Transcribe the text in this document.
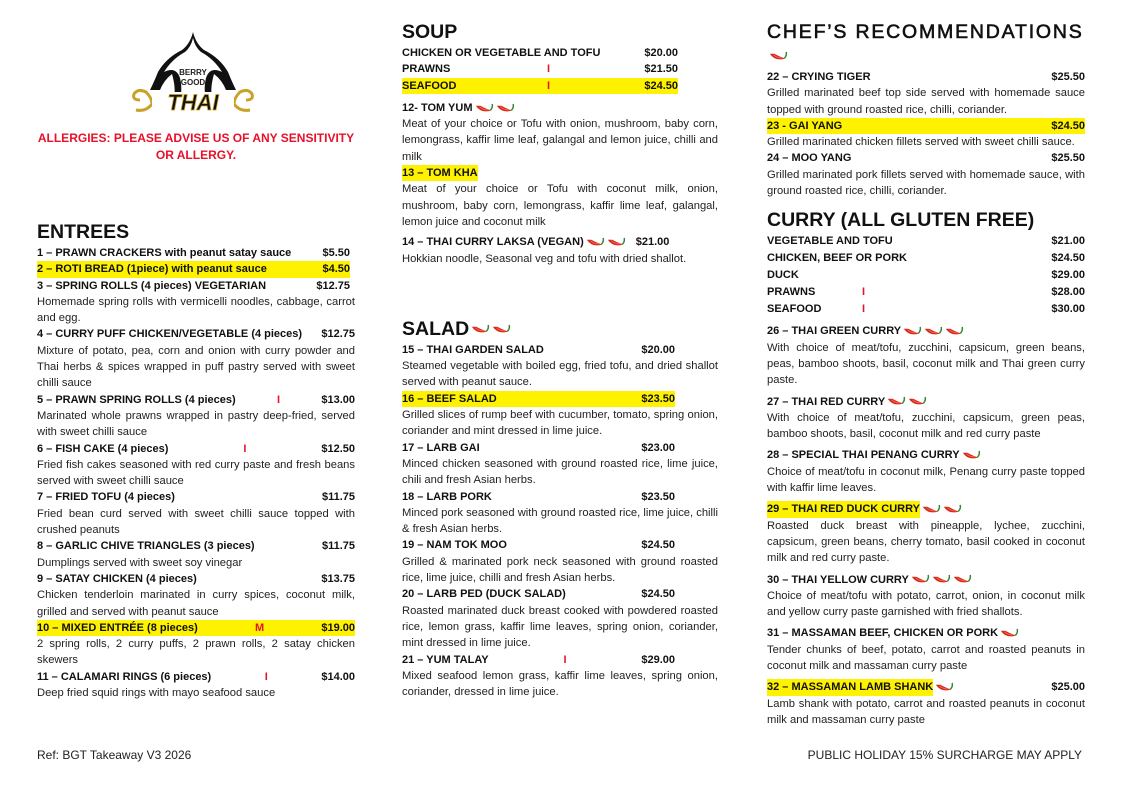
BERRY
GOOD
THAI
ALLERGIES: PLEASE ADVISE US OF ANY SENSITIVITY OR ALLERGY.
ENTREES
1 – PRAWN CRACKERS with peanut satay sauce	$5.50
2 – ROTI BREAD (1piece) with peanut sauce	$4.50
3 – SPRING ROLLS (4 pieces) VEGETARIAN	$12.75
Homemade spring rolls with vermicelli noodles, cabbage, carrot and egg.
4 – CURRY PUFF CHICKEN/VEGETABLE (4 pieces) $12.75
Mixture of potato, pea, corn and onion with curry powder and Thai herbs & spices wrapped in puff pastry served with sweet chilli sauce
5 – PRAWN SPRING ROLLS (4 pieces)	I	$13.00
Marinated whole prawns wrapped in pastry deep-fried, served with sweet chilli sauce
6 – FISH CAKE (4 pieces)	I	$12.50
Fried fish cakes seasoned with red curry paste and fresh beans served with sweet chilli sauce
7 – FRIED TOFU (4 pieces)	$11.75
Fried bean curd served with sweet chilli sauce topped with crushed peanuts
8 – GARLIC CHIVE TRIANGLES (3 pieces)	$11.75
Dumplings served with sweet soy vinegar
9 – SATAY CHICKEN (4 pieces)	$13.75
Chicken tenderloin marinated in curry spices, coconut milk, grilled and served with peanut sauce
10 – MIXED ENTRÉE (8 pieces)	M	$19.00
2 spring rolls, 2 curry puffs, 2 prawn rolls, 2 satay chicken skewers
11 – CALAMARI RINGS (6 pieces)	I	$14.00
Deep fried squid rings with mayo seafood sauce
SOUP
CHICKEN OR VEGETABLE AND TOFU	$20.00
PRAWNS	I	$21.50
SEAFOOD	I	$24.50
12- TOM YUM
Meat of your choice or Tofu with onion, mushroom, baby corn, lemongrass, kaffir lime leaf, galangal and lemon juice, chilli and milk
13 – TOM KHA
Meat of your choice or Tofu with coconut milk, onion, mushroom, baby corn, lemongrass, kaffir lime leaf, galangal, lemon juice and coconut milk
14 – THAI CURRY LAKSA (VEGAN)	$21.00
Hokkian noodle, Seasonal veg and tofu with dried shallot.
SALAD
15 – THAI GARDEN SALAD	$20.00
Steamed vegetable with boiled egg, fried tofu, and dried shallot served with peanut sauce.
16 – BEEF SALAD	$23.50
Grilled slices of rump beef with cucumber, tomato, spring onion, coriander and mint dressed in lime juice.
17 – LARB GAI	$23.00
Minced chicken seasoned with ground roasted rice, lime juice, chili and fresh Asian herbs.
18 – LARB PORK	$23.50
Minced pork seasoned with ground roasted rice, lime juice, chilli & fresh Asian herbs.
19 – NAM TOK MOO	$24.50
Grilled & marinated pork neck seasoned with ground roasted rice, lime juice, chilli and fresh Asian herbs.
20 – LARB PED (DUCK SALAD)	$24.50
Roasted marinated duck breast cooked with powdered roasted rice, lemon grass, kaffir lime leaves, spring onion, coriander, mint dressed in lime juice.
21 – YUM TALAY	I	$29.00
Mixed seafood lemon grass, kaffir lime leaves, spring onion, coriander, dressed in lime juice.
CHEF’S RECOMMENDATIONS
22 – CRYING TIGER	$25.50
Grilled marinated beef top side served with homemade sauce topped with ground roasted rice, chilli, coriander.
23 - GAI YANG	$24.50
Grilled marinated chicken fillets served with sweet chilli sauce.
24 – MOO YANG	$25.50
Grilled marinated pork fillets served with homemade sauce, with ground roasted rice, chilli, coriander.
CURRY (ALL GLUTEN FREE)
VEGETABLE AND TOFU	$21.00
CHICKEN, BEEF OR PORK	$24.50
DUCK	$29.00
PRAWNS	I	$28.00
SEAFOOD	I	$30.00
26 – THAI GREEN CURRY
With choice of meat/tofu, zucchini, capsicum, green beans, peas, bamboo shoots, basil, coconut milk and Thai green curry paste.
27 – THAI RED CURRY
With choice of meat/tofu, zucchini, capsicum, green peas, bamboo shoots, basil, coconut milk and red curry paste
28 – SPECIAL THAI PENANG CURRY
Choice of meat/tofu in coconut milk, Penang curry paste topped with kaffir lime leaves.
29 – THAI RED DUCK CURRY
Roasted duck breast with pineapple, lychee, zucchini, capsicum, green beans, cherry tomato, basil cooked in coconut milk and red curry paste.
30 – THAI YELLOW CURRY
Choice of meat/tofu with potato, carrot, onion, in coconut milk and yellow curry paste garnished with fried shallots.
31 – MASSAMAN BEEF, CHICKEN OR PORK
Tender chunks of beef, potato, carrot and roasted peanuts in coconut milk and massaman curry paste
32 – MASSAMAN LAMB SHANK	$25.00
Lamb shank with potato, carrot and roasted peanuts in coconut milk and massaman curry paste
Ref: BGT Takeaway V3 2026	PUBLIC HOLIDAY 15% SURCHARGE MAY APPLY
